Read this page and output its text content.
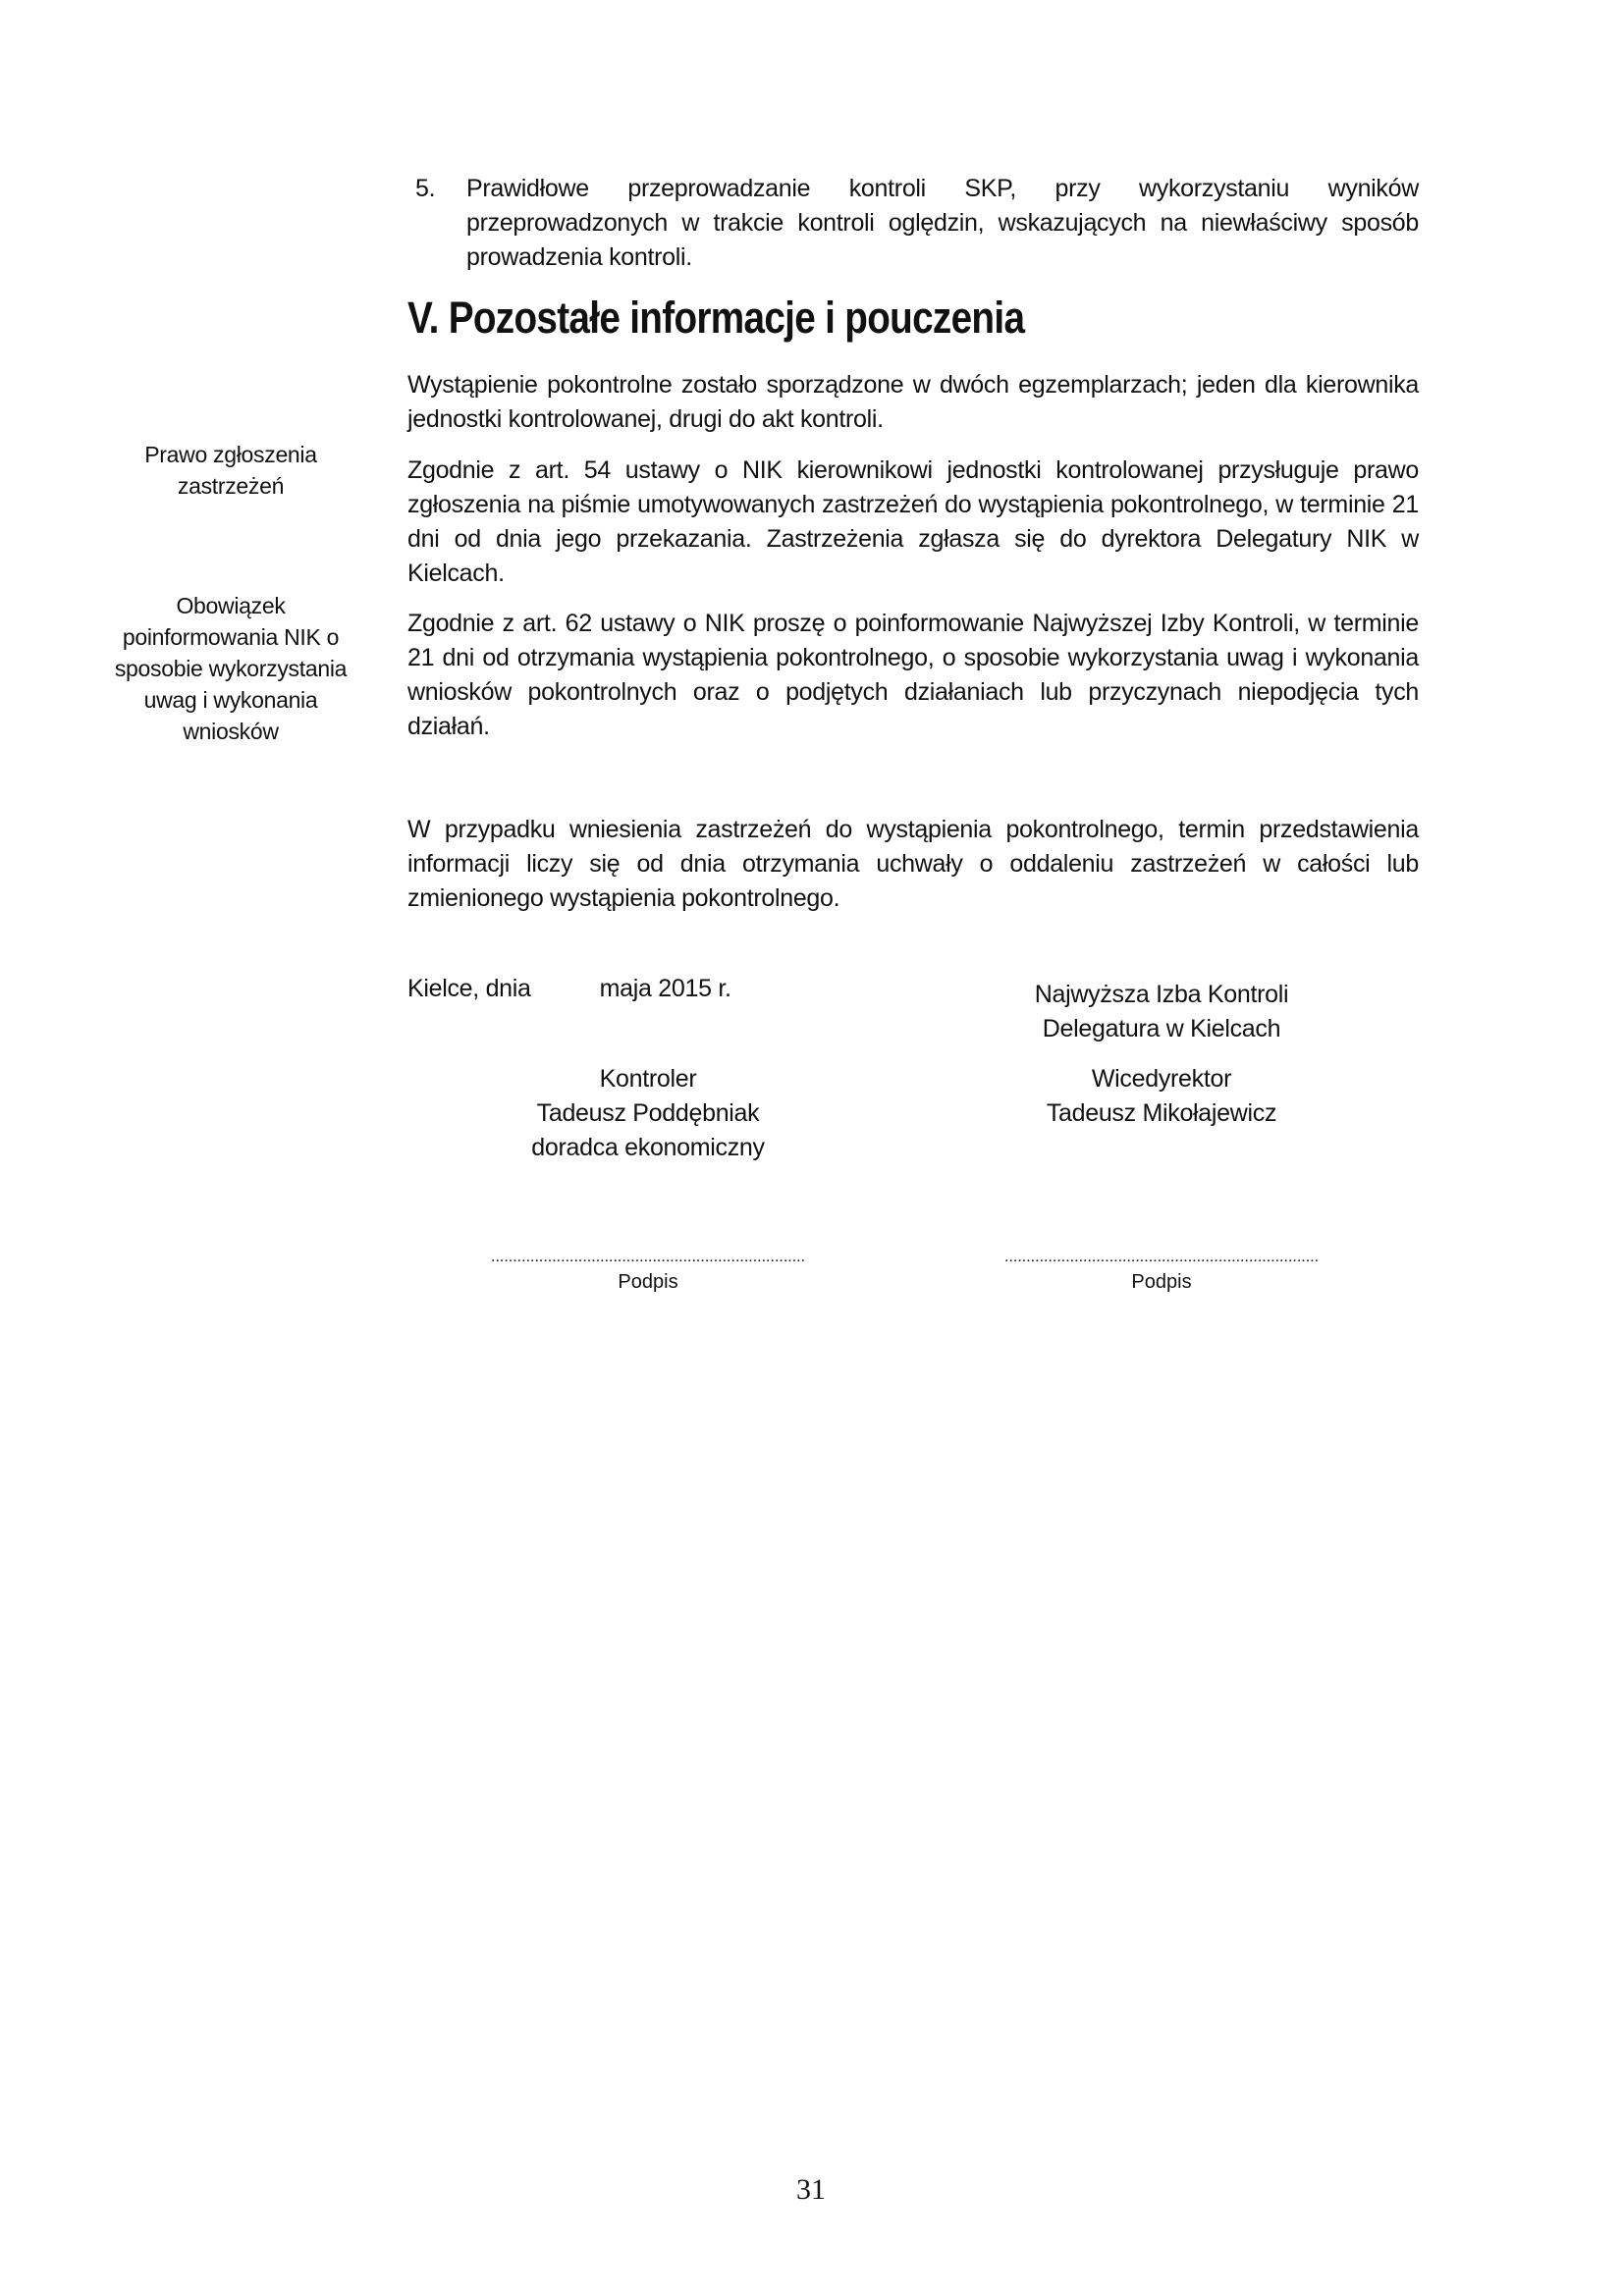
5. Prawidłowe przeprowadzanie kontroli SKP, przy wykorzystaniu wyników przeprowadzonych w trakcie kontroli oględzin, wskazujących na niewłaściwy sposób prowadzenia kontroli.

V. Pozostałe informacje i pouczenia
Prawo zgłoszenia zastrzeżeń
Obowiązek poinformowania NIK o sposobie wykorzystania uwag i wykonania wniosków

Wystąpienie pokontrolne zostało sporządzone w dwóch egzemplarzach; jeden dla kierownika jednostki kontrolowanej, drugi do akt kontroli.

Zgodnie z art. 54 ustawy o NIK kierownikowi jednostki kontrolowanej przysługuje prawo zgłoszenia na piśmie umotywowanych zastrzeżeń do wystąpienia pokontrolnego, w terminie 21 dni od dnia jego przekazania. Zastrzeżenia zgłasza się do dyrektora Delegatury NIK w Kielcach.

Zgodnie z art. 62 ustawy o NIK proszę o poinformowanie Najwyższej Izby Kontroli, w terminie 21 dni od otrzymania wystąpienia pokontrolnego, o sposobie wykorzystania uwag i wykonania wniosków pokontrolnych oraz o podjętych działaniach lub przyczynach niepodjęcia tych działań.

W przypadku wniesienia zastrzeżeń do wystąpienia pokontrolnego, termin przedstawienia informacji liczy się od dnia otrzymania uchwały o oddaleniu zastrzeżeń w całości lub zmienionego wystąpienia pokontrolnego.

Kielce, dnia	maja 2015 r.	Najwyższa Izba Kontroli
Delegatura w Kielcach
Wicedyrektor
Tadeusz Mikołajewicz
Kontroler
Tadeusz Poddębniak
doradca ekonomiczny
........................................................................
Podpis
........................................................................
Podpis
31
